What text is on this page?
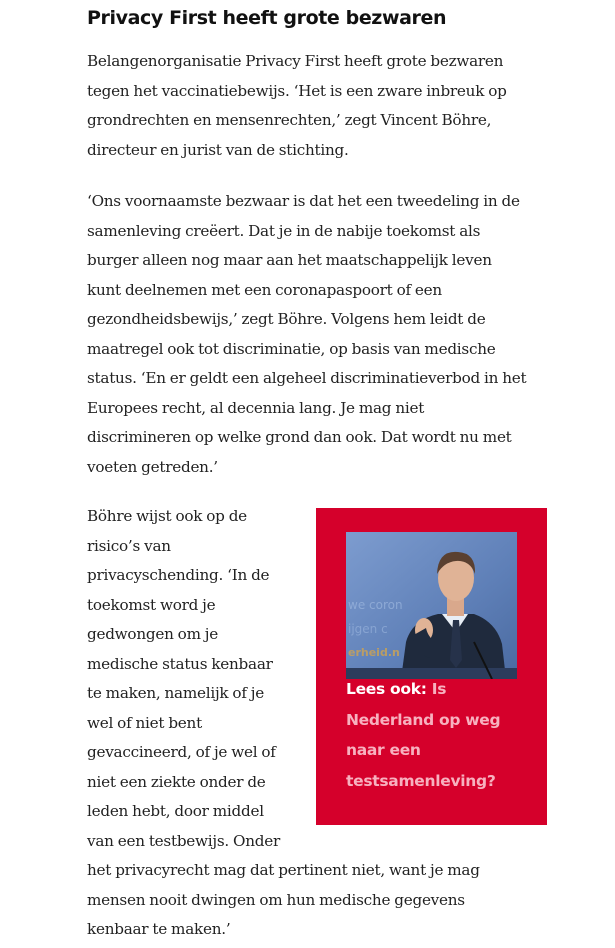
Privacy First heeft grote bezwaren

Belangenorganisatie Privacy First heeft grote bezwaren
tegen het vaccinatiebewijs. ‘Het is een zware inbreuk op
grondrechten en mensenrechten,’ zegt Vincent Böhre,
directeur en jurist van de stichting.

‘Ons voornaamste bezwaar is dat het een tweedeling in de
samenleving creëert. Dat je in de nabije toekomst als
burger alleen nog maar aan het maatschappelijk leven
kunt deelnemen met een coronapaspoort of een
gezondheidsbewijs,’ zegt Böhre. Volgens hem leidt de
maatregel ook tot discriminatie, op basis van medische
status. ‘En er geldt een algeheel discriminatieverbod in het
Europees recht, al decennia lang. Je mag niet
discrimineren op welke grond dan ook. Dat wordt nu met
voeten getreden.’

Böhre wijst ook op de
risico’s van
privacyschending. ‘In de
toekomst word je
gedwongen om je
medische status kenbaar
te maken, namelijk of je
wel of niet bent
gevaccineerd, of je wel of
niet een ziekte onder de
leden hebt, door middel
van een testbewijs. Onder
het privacyrecht mag dat pertinent niet, want je mag
mensen nooit dwingen om hun medische gegevens
kenbaar te maken.’

we coron
ijgen c
erheid.n

Lees ook: Is
Nederland op weg
naar een
testsamenleving?
